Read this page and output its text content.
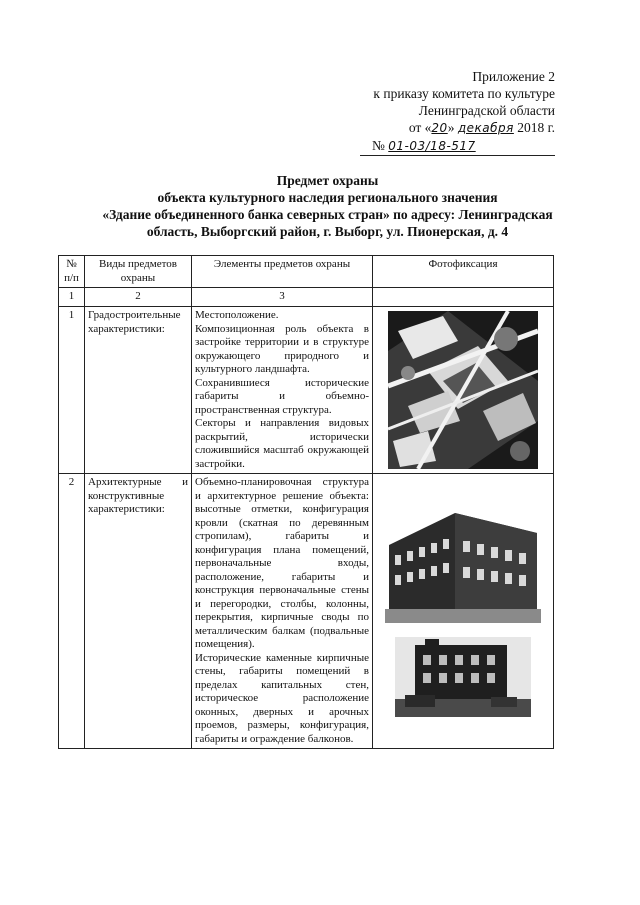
Приложение 2
к приказу комитета по культуре
Ленинградской области
от «20» декабря 2018 г.
№ 01-03/18-517
Предмет охраны
объекта культурного наследия регионального значения
«Здание объединенного банка северных стран» по адресу: Ленинградская
область, Выборгский район, г. Выборг, ул. Пионерская, д. 4
№ п/п	Виды предметов охраны	Элементы предметов охраны	Фотофиксация
1	2	3	
1	Градостроительные характеристики:	Местоположение.

Композиционная роль объекта в застройке территории и в структуре окружающего природного и культурного ландшафта.

Сохранившиеся исторические габариты и объемно-пространственная структура.

Секторы и направления видовых раскрытий, исторически сложившийся масштаб окружающей застройки.

2	Архитектурные и конструктивные характеристики:	Объемно-планировочная структура и архитектурное решение объекта: высотные отметки, конфигурация кровли (скатная по деревянным стропилам), габариты и конфигурация плана помещений, первоначальные входы, расположение, габариты и конструкция первоначальные стены и перегородки, столбы, колонны, перекрытия, кирпичные своды по металлическим балкам (подвальные помещения).

Исторические каменные кирпичные стены, габариты помещений в пределах капитальных стен, историческое расположение оконных, дверных и арочных проемов, размеры, конфигурация, габариты и ограждение балконов.
